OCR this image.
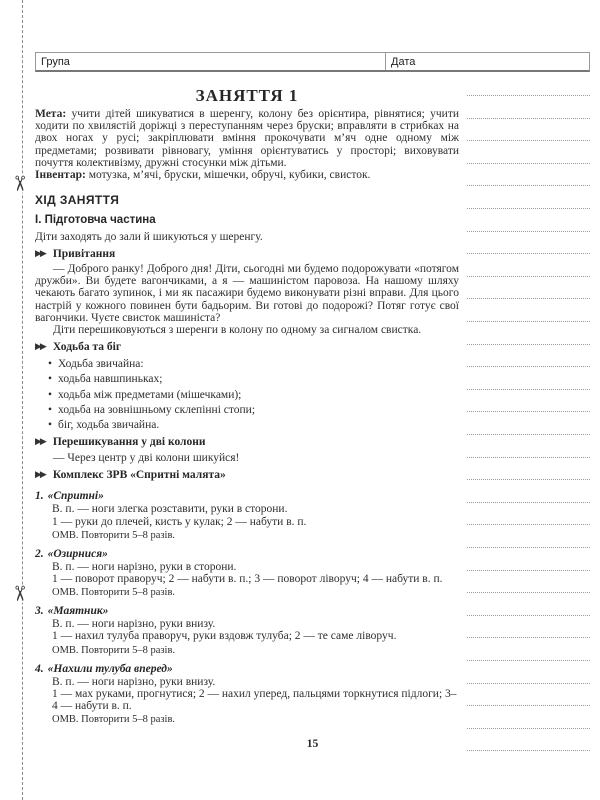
✂
✂
Група	Дата
ЗАНЯТТЯ 1

Мета: учити дітей шикуватися в шеренгу, колону без орієнтира, рівнятися; учити ходити по хвилястій доріжці з переступанням через бруски; вправляти в стрибках на двох ногах у русі; закріплювати вміння прокочувати м’яч одне одному між предметами; розвивати рівновагу, уміння орієнтуватись у просторі; виховувати почуття колективізму, дружні стосунки між дітьми.

Інвентар: мотузка, м’ячі, бруски, мішечки, обручі, кубики, свисток.

ХІД ЗАНЯТТЯ
I. Підготовча частина

Діти заходять до зали й шикуються у шеренгу.

▶▶ Привітання

— Доброго ранку! Доброго дня! Діти, сьогодні ми будемо подорожувати «потягом дружби». Ви будете вагончиками, а я — машиністом паровоза. На нашому шляху чекають багато зупинок, і ми як пасажири будемо виконувати різні вправи. Для цього настрій у кожного повинен бути бадьорим. Ви готові до подорожі? Потяг готує свої вагончики. Чуєте свисток машиніста?

Діти перешиковуються з шеренги в колону по одному за сигналом свистка.

▶▶ Ходьба та біг
• Ходьба звичайна:
• ходьба навшпиньках;
• ходьба між предметами (мішечками);
• ходьба на зовнішньому склепінні стопи;
• біг, ходьба звичайна.
▶▶ Перешикування у дві колони

— Через центр у дві колони шикуйся!

▶▶ Комплекс ЗРВ «Спритні малята»
1. «Спритні»

В. п. — ноги злегка розставити, руки в сторони.

1 — руки до плечей, кисть у кулак; 2 — набути в. п.

ОМВ. Повторити 5–8 разів.

2. «Озирнися»

В. п. — ноги нарізно, руки в сторони.

1 — поворот праворуч; 2 — набути в. п.; 3 — поворот ліворуч; 4 — набути в. п.

ОМВ. Повторити 5–8 разів.

3. «Маятник»

В. п. — ноги нарізно, руки внизу.

1 — нахил тулуба праворуч, руки вздовж тулуба; 2 — те саме ліворуч.

ОМВ. Повторити 5–8 разів.

4. «Нахили тулуба вперед»

В. п. — ноги нарізно, руки внизу.

1 — мах руками, прогнутися; 2 — нахил уперед, пальцями торкнутися підлоги; 3–4 — набути в. п.

ОМВ. Повторити 5–8 разів.

15
